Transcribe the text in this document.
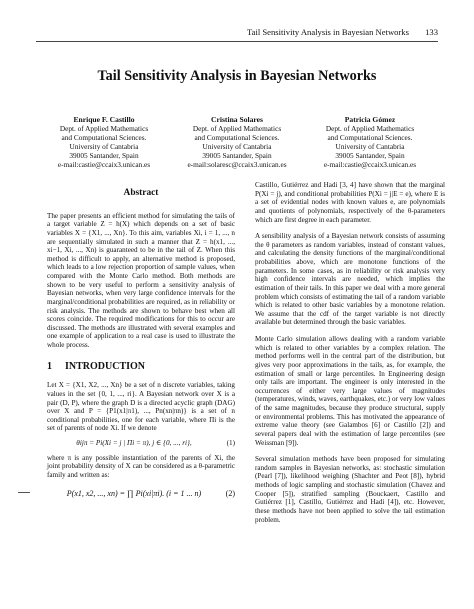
Tail Sensitivity Analysis in Bayesian Networks 133
Tail Sensitivity Analysis in Bayesian Networks
Enrique F. Castillo
Dept. of Applied Mathematics
and Computational Sciences.
University of Cantabria
39005 Santander, Spain
e-mail:castie@ccaix3.unican.es
Cristina Solares
Dept. of Applied Mathematics
and Computational Sciences.
University of Cantabria
39005 Santander, Spain
e-mail:solaresc@ccaix3.unican.es
Patricia Gómez
Dept. of Applied Mathematics
and Computational Sciences.
University of Cantabria
39005 Santander, Spain
e-mail:castie@ccaix3.unican.es
Abstract
The paper presents an efficient method for simulating the tails of a target variable Z = h(X) which depends on a set of basic variables X = {X1, ..., Xn}. To this aim, variables Xi, i = 1, ..., n are sequentially simulated in such a manner that Z = h(x1, ..., xi−1, Xi, ..., Xn) is guaranteed to be in the tail of Z. When this method is difficult to apply, an alternative method is proposed, which leads to a low rejection proportion of sample values, when compared with the Monte Carlo method. Both methods are shown to be very useful to perform a sensitivity analysis of Bayesian networks, when very large confidence intervals for the marginal/conditional probabilities are required, as in reliability or risk analysis. The methods are shown to behave best when all scores coincide. The required modifications for this to occur are discussed. The methods are illustrated with several examples and one example of application to a real case is used to illustrate the whole process.
1 INTRODUCTION
Let X = {X1, X2, ..., Xn} be a set of n discrete variables, taking values in the set {0, 1, ..., ri}. A Bayesian network over X is a pair (D, P), where the graph D is a directed acyclic graph (DAG) over X and P = {P1(x1|π1), ..., Pn(xn|πn)} is a set of n conditional probabilities, one for each variable, where Πi is the set of parents of node Xi. If we denote
θijπ = Pi(Xi = j | Πi = π), j ∈ {0, ..., ri},	(1)
where π is any possible instantiation of the parents of Xi, the joint probability density of X can be considered as a θ-parametric family and written as:
P(x1, x2, ..., xn) = ∏ Pi(xi|πi). (i = 1 ... n)	(2)
Castillo, Gutiérrez and Hadi [3, 4] have shown that the marginal P(Xi = j), and conditional probabilities P(Xi = j|E = e), where E is a set of evidential nodes with known values e, are polynomials and quotients of polynomials, respectively of the θ-parameters which are first degree in each parameter.
A sensibility analysis of a Bayesian network consists of assuming the θ parameters as random variables, instead of constant values, and calculating the density functions of the marginal/conditional probabilities above, which are monotone functions of the parameters. In some cases, as in reliability or risk analysis very high confidence intervals are needed, which implies the estimation of their tails. In this paper we deal with a more general problem which consists of estimating the tail of a random variable which is related to other basic variables by a monotone relation. We assume that the cdf of the target variable is not directly available but determined through the basic variables.
Monte Carlo simulation allows dealing with a random variable which is related to other variables by a complex relation. The method performs well in the central part of the distribution, but gives very poor approximations in the tails, as, for example, the estimation of small or large percentiles. In Engineering design only tails are important. The engineer is only interested in the occurrences of either very large values of magnitudes (temperatures, winds, waves, earthquakes, etc.) or very low values of the same magnitudes, because they produce structural, supply or environmental problems. This has motivated the appearance of extreme value theory (see Galambos [6] or Castillo [2]) and several papers deal with the estimation of large percentiles (see Weissman [9]).
Several simulation methods have been proposed for simulating random samples in Bayesian networks, as: stochastic simulation (Pearl [7]), likelihood weighing (Shachter and Peot [8]), hybrid methods of logic sampling and stochastic simulation (Chavez and Cooper [5]), stratified sampling (Bouckaert, Castillo and Gutiérrez [1], Castillo, Gutiérrez and Hadi [4]), etc. However, these methods have not been applied to solve the tail estimation problem.
